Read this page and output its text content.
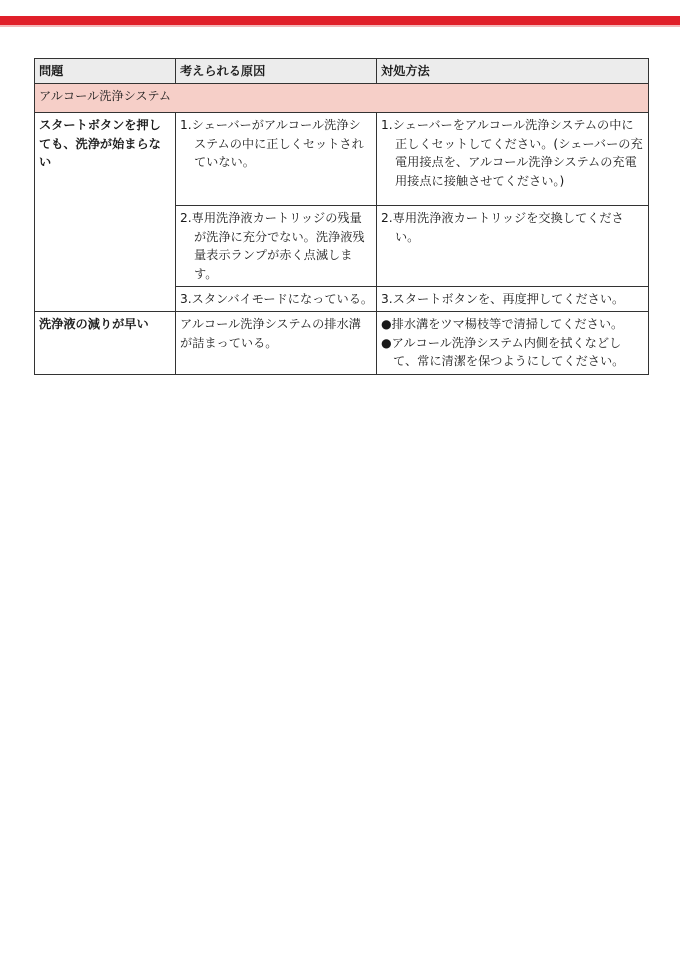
問題	考えられる原因	対処方法
アルコール洗浄システム		
スタートボタンを押しても、洗浄が始まらない	1.シェーバーがアルコール洗浄システムの中に正しくセットされていない。	1.シェーバーをアルコール洗浄システムの中に正しくセットしてください。(シェーバーの充電用接点を、アルコール洗浄システムの充電用接点に接触させてください。)

	2.専用洗浄液カートリッジの残量が洗浄に充分でない。洗浄液残量表示ランプが赤く点滅します。	2.専用洗浄液カートリッジを交換してください。

	3.スタンバイモードになっている。	3.スタートボタンを、再度押してください。

洗浄液の減りが早い	アルコール洗浄システムの排水溝が詰まっている。	●排水溝をツマ楊枝等で清掃してください。
●アルコール洗浄システム内側を拭くなどして、常に清潔を保つようにしてください。
